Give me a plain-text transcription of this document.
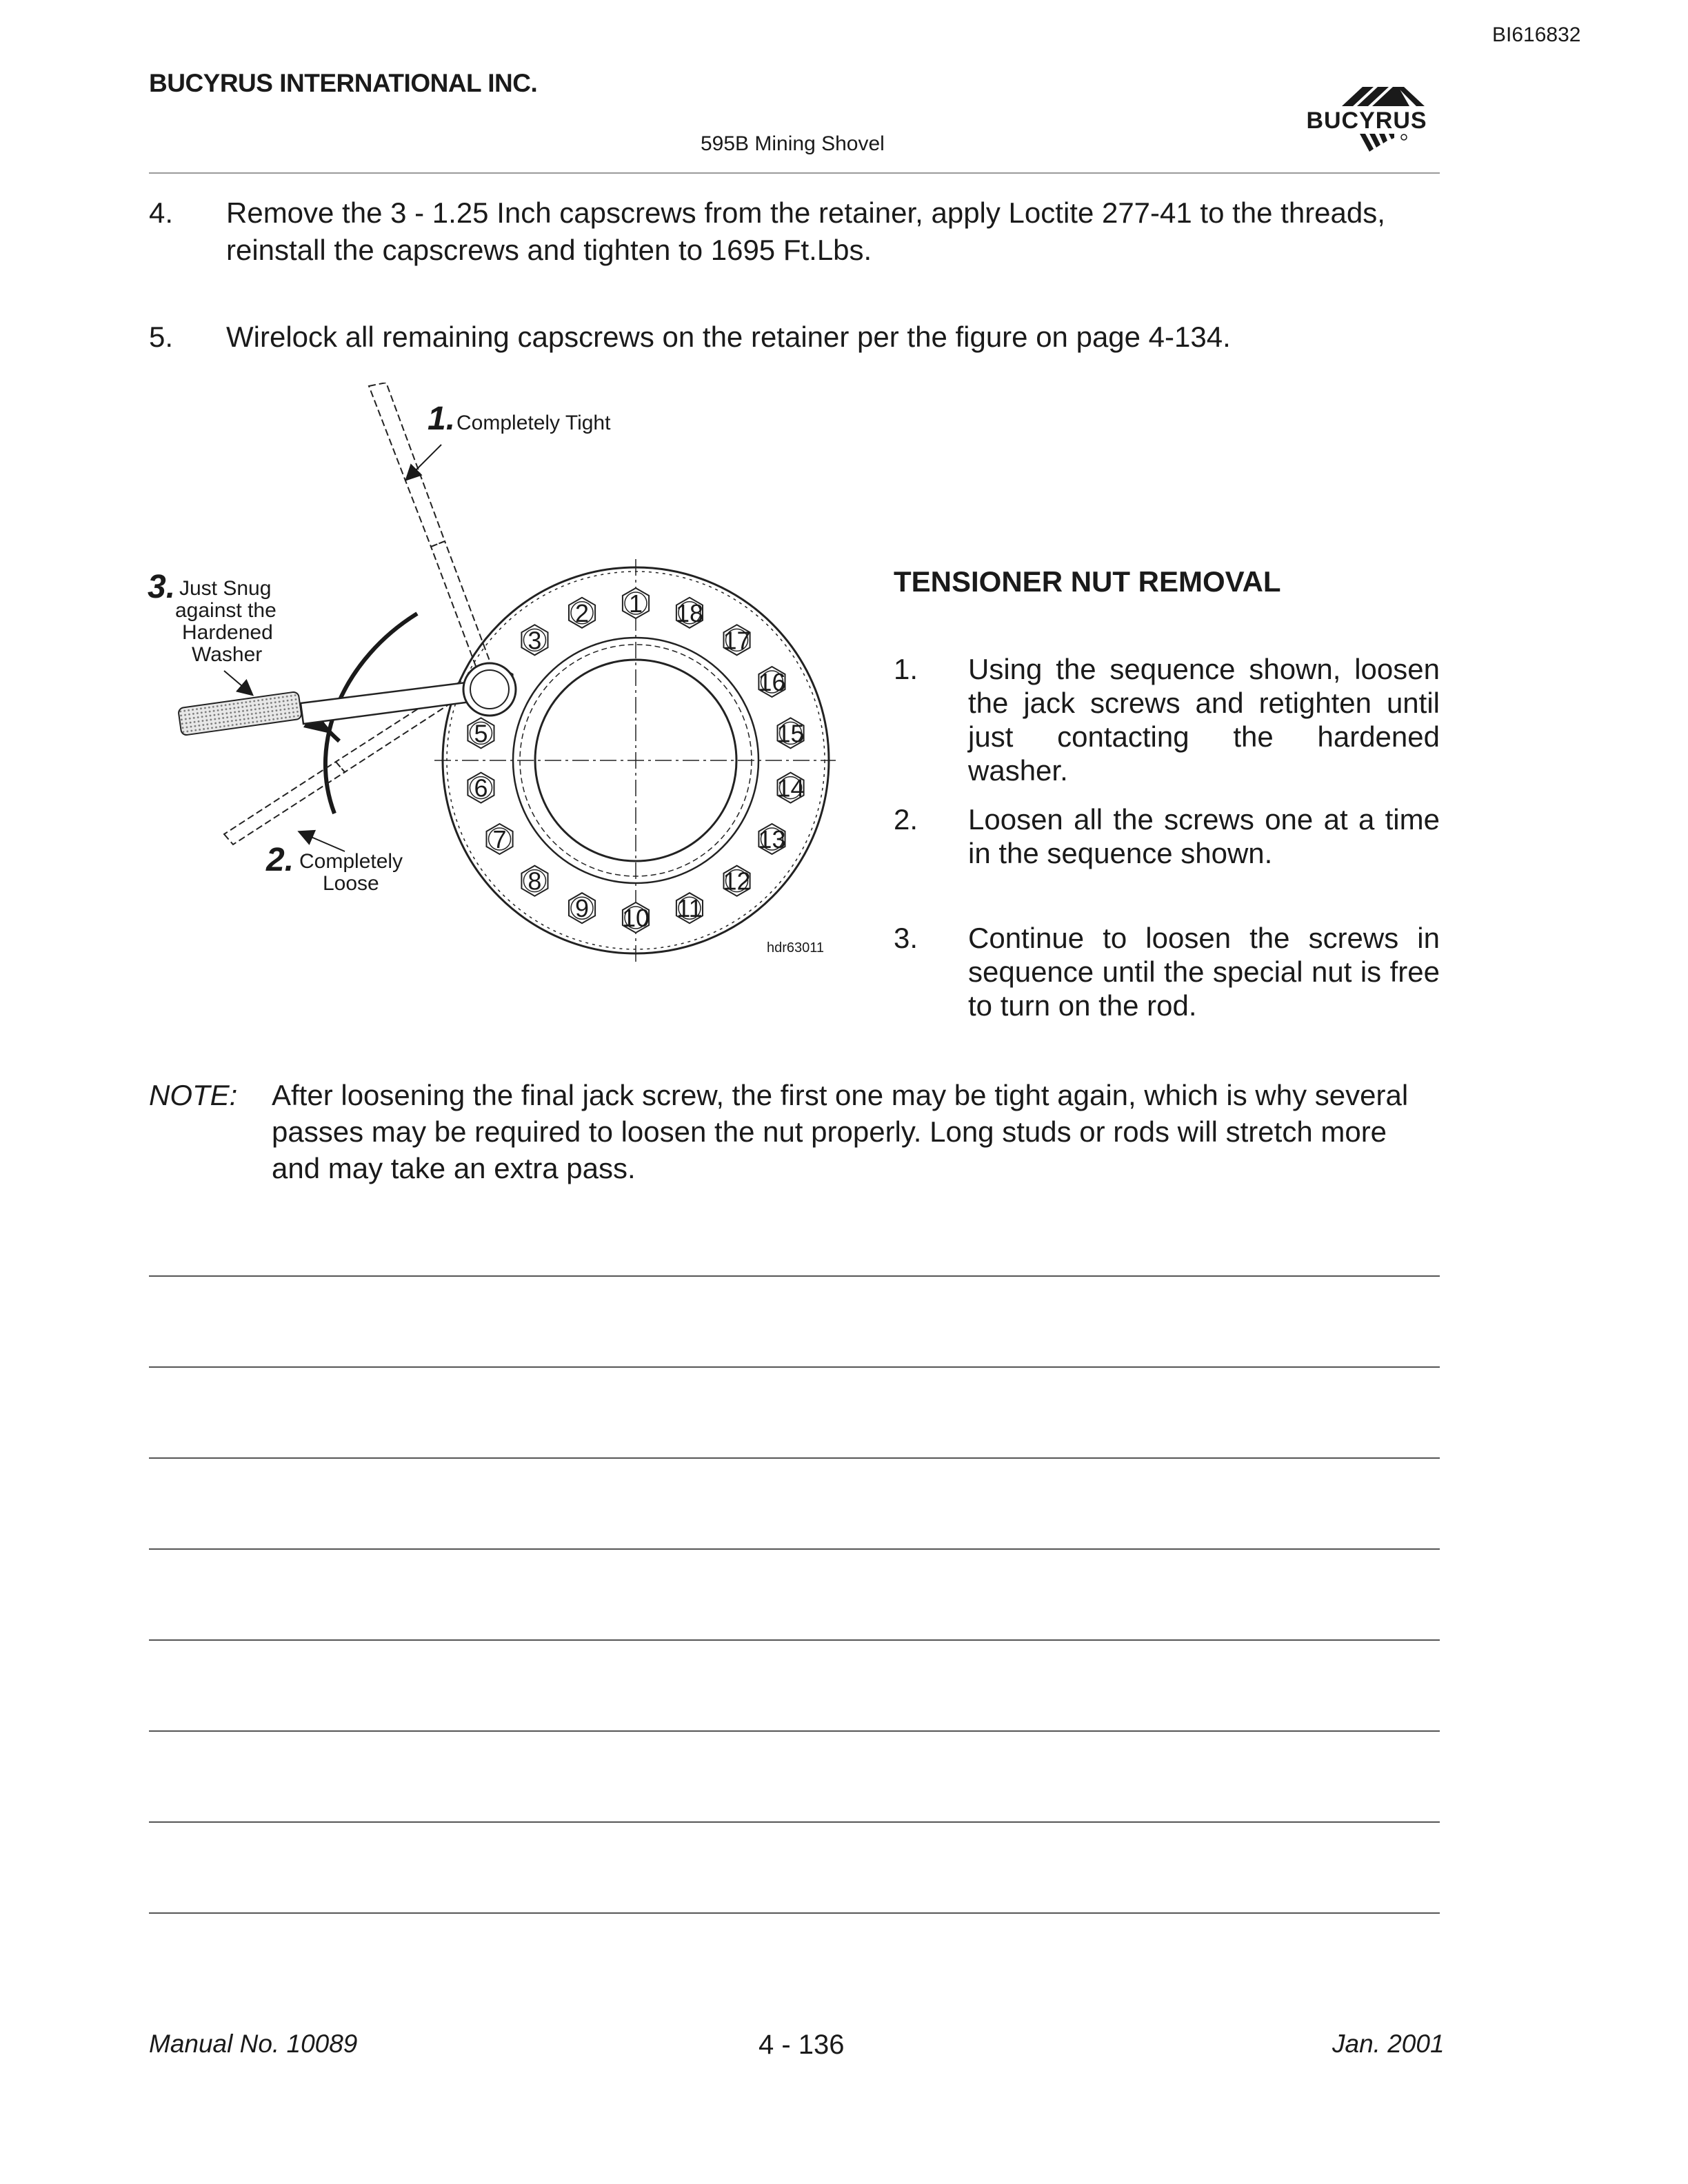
BI616832
BUCYRUS INTERNATIONAL INC.
595B Mining Shovel
BUCYRUS
4. Remove the 3 - 1.25 Inch capscrews from the retainer, apply Loctite 277-41 to the threads, reinstall the capscrews and tighten to 1695 Ft.Lbs.
5. Wirelock all remaining capscrews on the retainer per the figure on page 4-134.
1 18
17
16
15
14
13
12
11
10
9
8
7
6
5
3
2
1. Completely Tight
2. Completely
Loose
3. Just Snug
against the
Hardened
Washer
hdr63011
TENSIONER NUT REMOVAL
1. Using the sequence shown, loosen the jack screws and retighten until just contacting the hardened washer.
2. Loosen all the screws one at a time in the sequence shown.
3. Continue to loosen the screws in sequence until the special nut is free to turn on the rod.
NOTE: After loosening the final jack screw, the first one may be tight again, which is why several passes may be required to loosen the nut properly. Long studs or rods will stretch more and may take an extra pass.
Manual No. 10089	4 - 136	Jan. 2001
